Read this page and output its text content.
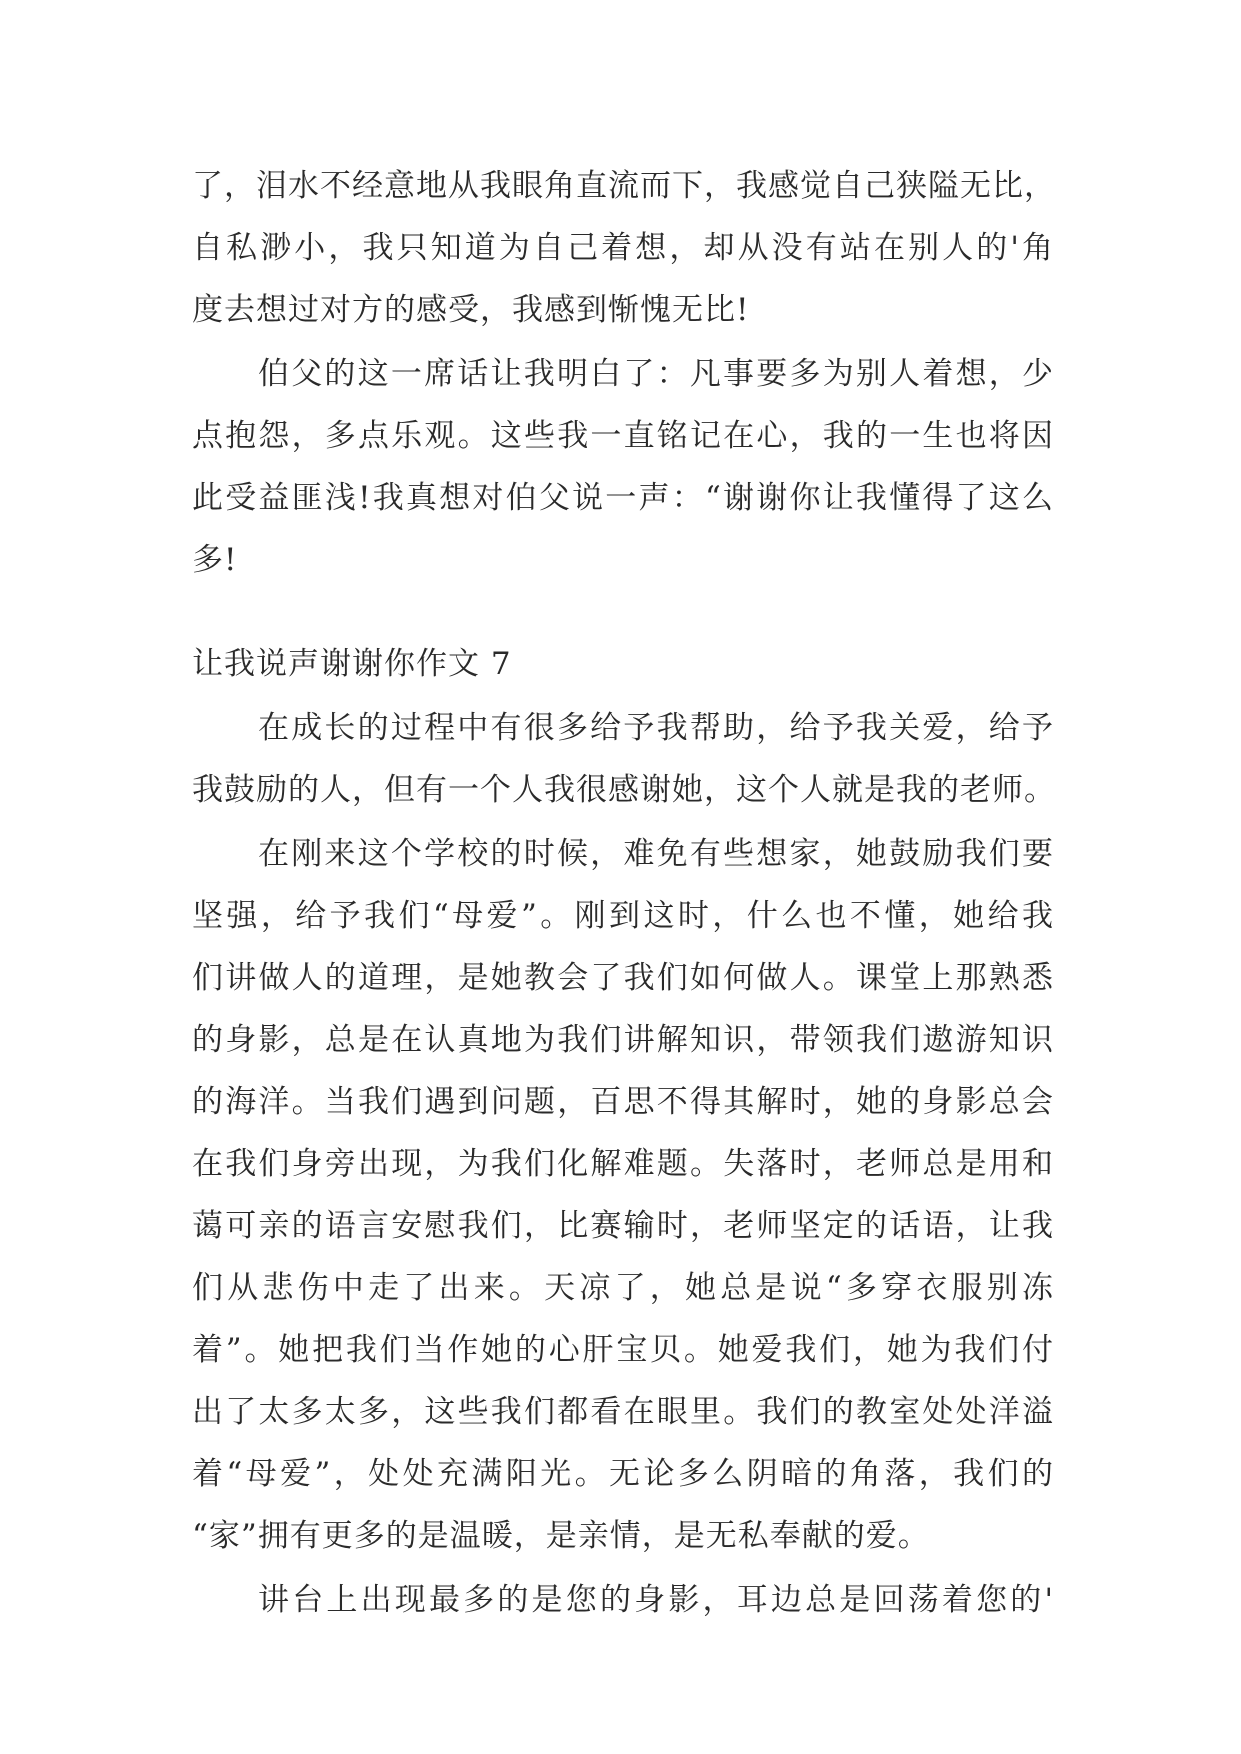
了，泪水不经意地从我眼角直流而下，我感觉自己狭隘无比，
自私渺小，我只知道为自己着想，却从没有站在别人的'角
度去想过对方的感受，我感到惭愧无比!
伯父的这一席话让我明白了：凡事要多为别人着想，少
点抱怨，多点乐观。这些我一直铭记在心，我的一生也将因
此受益匪浅!我真想对伯父说一声：“谢谢你让我懂得了这么
多!
让我说声谢谢你作文 7
在成长的过程中有很多给予我帮助，给予我关爱，给予
我鼓励的人，但有一个人我很感谢她，这个人就是我的老师。
在刚来这个学校的时候，难免有些想家，她鼓励我们要
坚强，给予我们“母爱”。刚到这时，什么也不懂，她给我
们讲做人的道理，是她教会了我们如何做人。课堂上那熟悉
的身影，总是在认真地为我们讲解知识，带领我们遨游知识
的海洋。当我们遇到问题，百思不得其解时，她的身影总会
在我们身旁出现，为我们化解难题。失落时，老师总是用和
蔼可亲的语言安慰我们，比赛输时，老师坚定的话语，让我
们从悲伤中走了出来。天凉了，她总是说“多穿衣服别冻
着”。她把我们当作她的心肝宝贝。她爱我们，她为我们付
出了太多太多，这些我们都看在眼里。我们的教室处处洋溢
着“母爱”，处处充满阳光。无论多么阴暗的角落，我们的
“家”拥有更多的是温暖，是亲情，是无私奉献的爱。
讲台上出现最多的是您的身影，耳边总是回荡着您的'
